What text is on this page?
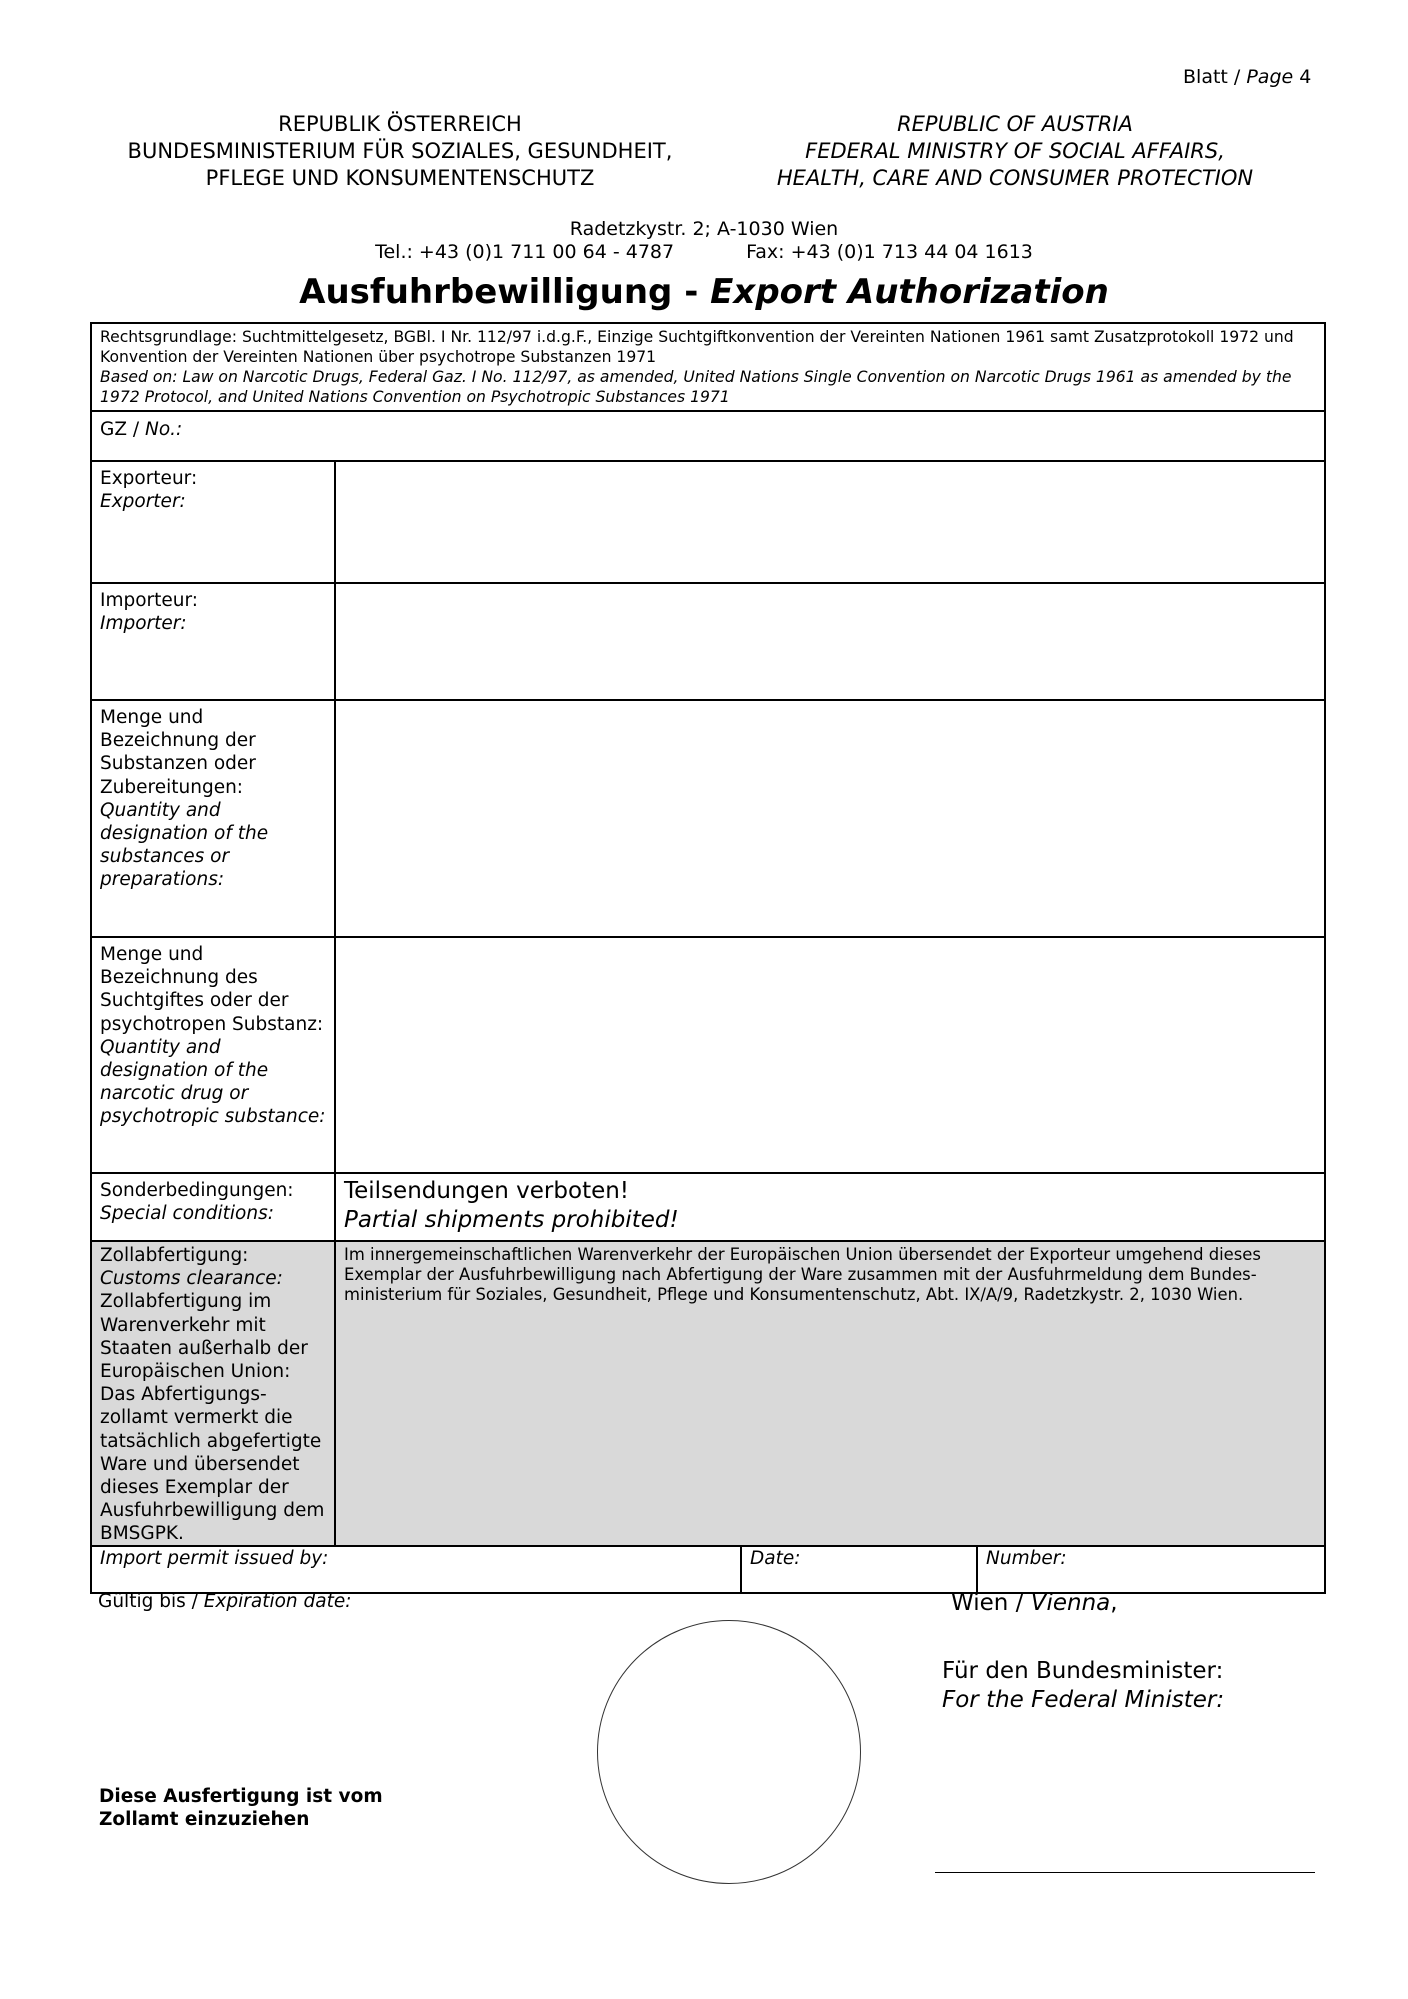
Blatt / Page 4
REPUBLIK ÖSTERREICH
BUNDESMINISTERIUM FÜR SOZIALES, GESUNDHEIT,
PFLEGE UND KONSUMENTENSCHUTZ
REPUBLIC OF AUSTRIA
FEDERAL MINISTRY OF SOCIAL AFFAIRS,
HEALTH, CARE AND CONSUMER PROTECTION
Radetzkystr. 2; A-1030 Wien
Tel.: +43 (0)1 711 00 64 - 4787	Fax: +43 (0)1 713 44 04 1613
Ausfuhrbewilligung - Export Authorization
Rechtsgrundlage: Suchtmittelgesetz, BGBl. I Nr. 112/97 i.d.g.F., Einzige Suchtgiftkonvention der Vereinten Nationen 1961 samt Zusatzprotokoll 1972 und Konvention der Vereinten Nationen über psychotrope Substanzen 1971
Based on: Law on Narcotic Drugs, Federal Gaz. I No. 112/97, as amended, United Nations Single Convention on Narcotic Drugs 1961 as amended by the 1972 Protocol, and United Nations Convention on Psychotropic Substances 1971
GZ / No.:
Exporteur:
Exporter:
Importeur:
Importer:
Menge und Bezeichnung der Substanzen oder Zubereitungen:
Quantity and designation of the substances or preparations:
Menge und Bezeichnung des Suchtgiftes oder der psychotropen Substanz:
Quantity and designation of the narcotic drug or psychotropic substance:
Sonderbedingungen:
Special conditions:
Teilsendungen verboten!
Partial shipments prohibited!
Zollabfertigung:
Customs clearance:
Zollabfertigung im Warenverkehr mit Staaten außerhalb der Europäischen Union: Das Abfertigungs-zollamt vermerkt die tatsächlich abgefertigte Ware und übersendet dieses Exemplar der Ausfuhrbewilligung dem BMSGPK.
Im innergemeinschaftlichen Warenverkehr der Europäischen Union übersendet der Exporteur umgehend dieses Exemplar der Ausfuhrbewilligung nach Abfertigung der Ware zusammen mit der Ausfuhrmeldung dem Bundes-ministerium für Soziales, Gesundheit, Pflege und Konsumentenschutz, Abt. IX/A/9, Radetzkystr. 2, 1030 Wien.
Import permit issued by:	Date:	Number:
Gültig bis / Expiration date:	Wien / Vienna,
Für den Bundesminister:
For the Federal Minister:
Diese Ausfertigung ist vom Zollamt einzuziehen
